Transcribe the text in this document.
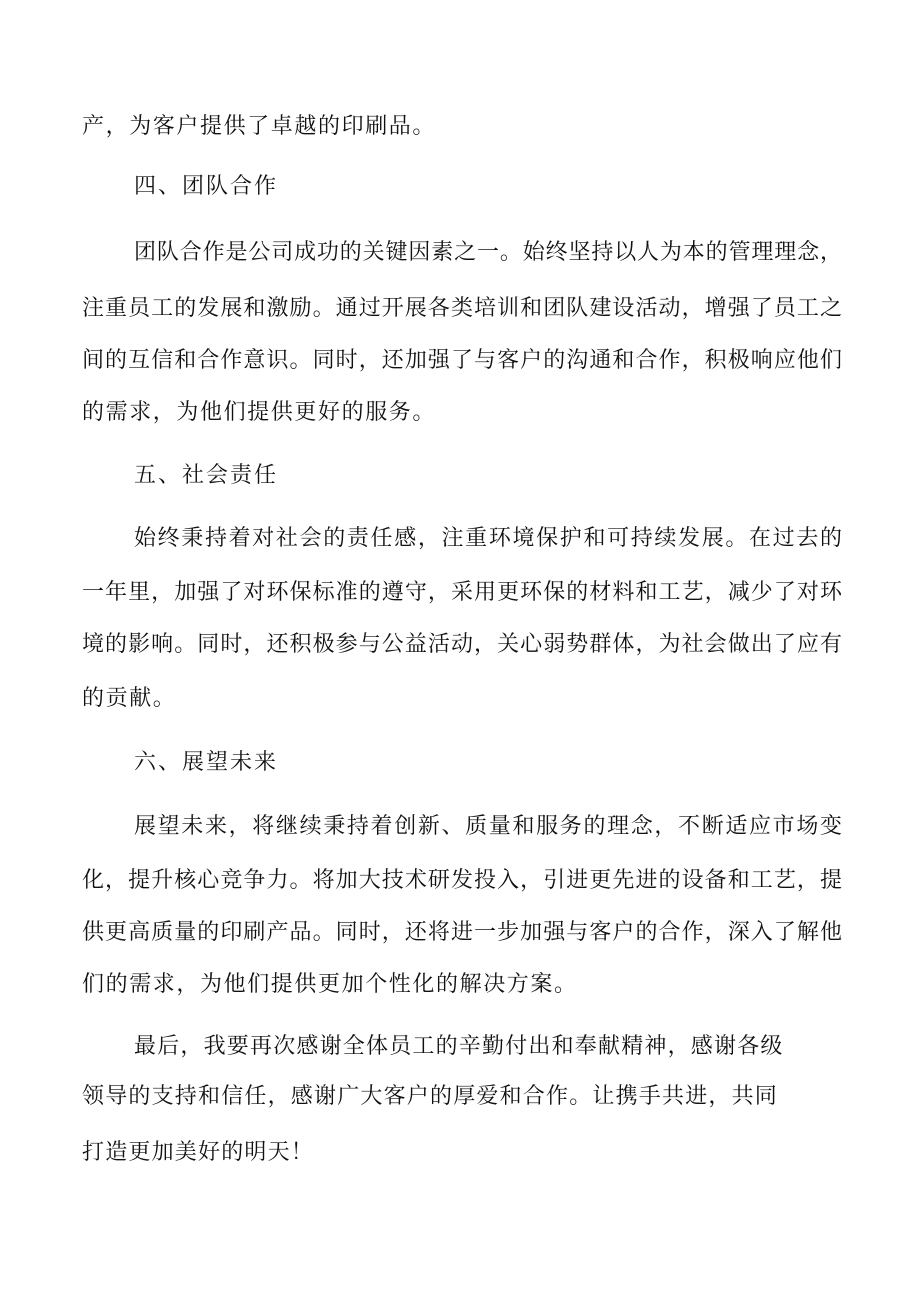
产，为客户提供了卓越的印刷品。
四、团队合作
团队合作是公司成功的关键因素之一。始终坚持以人为本的管理理念，
注重员工的发展和激励。通过开展各类培训和团队建设活动，增强了员工之
间的互信和合作意识。同时，还加强了与客户的沟通和合作，积极响应他们
的需求，为他们提供更好的服务。
五、社会责任
始终秉持着对社会的责任感，注重环境保护和可持续发展。在过去的
一年里，加强了对环保标准的遵守，采用更环保的材料和工艺，减少了对环
境的影响。同时，还积极参与公益活动，关心弱势群体，为社会做出了应有
的贡献。
六、展望未来
展望未来，将继续秉持着创新、质量和服务的理念，不断适应市场变
化，提升核心竞争力。将加大技术研发投入，引进更先进的设备和工艺，提
供更高质量的印刷产品。同时，还将进一步加强与客户的合作，深入了解他
们的需求，为他们提供更加个性化的解决方案。
最后，我要再次感谢全体员工的辛勤付出和奉献精神，感谢各级
领导的支持和信任，感谢广大客户的厚爱和合作。让携手共进，共同
打造更加美好的明天！
